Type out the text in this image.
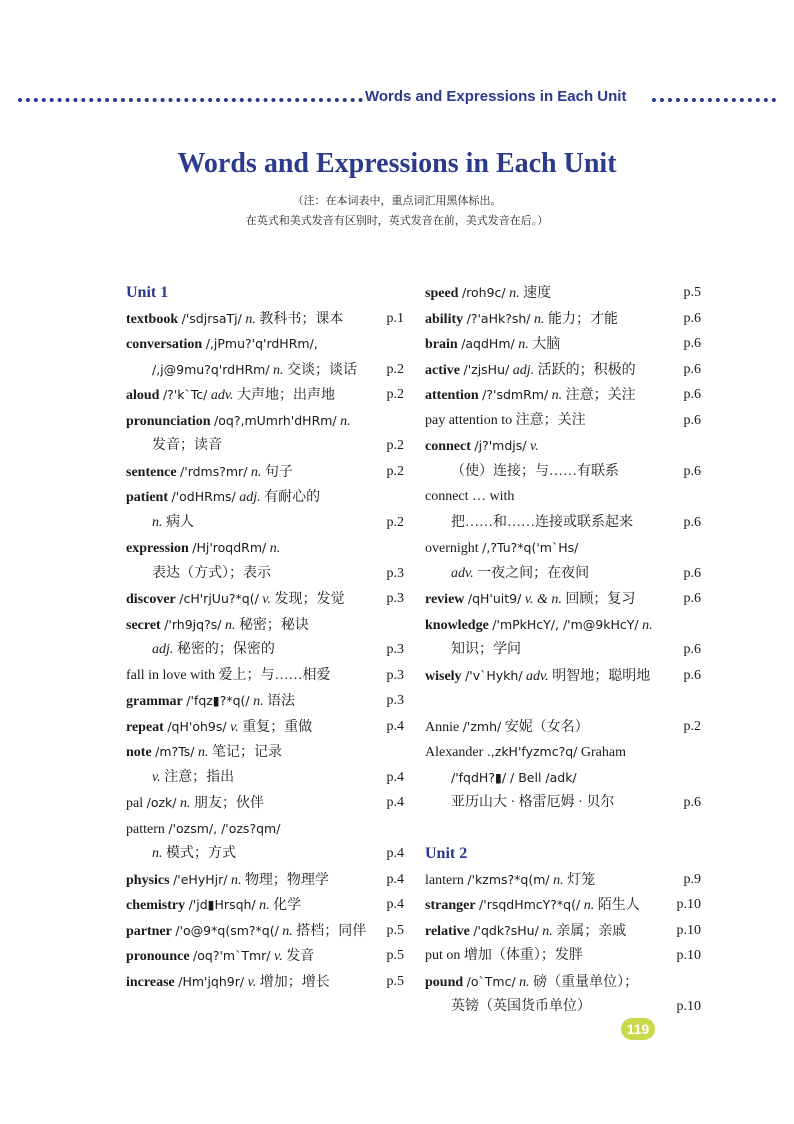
Words and Expressions in Each Unit
Words and Expressions in Each Unit
（注：在本词表中，重点词汇用黑体标出。
在英式和美式发音有区别时，英式发音在前，美式发音在后。）
Unit 1
textbook /'sdjrsaTj/ n. 教科书；课本	p.1
conversation /,jPmu?'q'rdHRm/,
/,j@9mu?q'rdHRm/ n. 交谈；谈话 p.2
aloud /?'k`Tc/ adv. 大声地；出声地	p.2
pronunciation /oq?,mUmrh'dHRm/ n.
发音；读音	p.2
sentence /'rdms?mr/ n. 句子	p.2
patient /'odHRms/ adj. 有耐心的
n. 病人	p.2
expression /Hj'roqdRm/ n.
表达（方式）；表示	p.3
discover /cH'rjUu?*q(/ v. 发现；发觉	p.3
secret /'rh9jq?s/ n. 秘密；秘诀
adj. 秘密的；保密的	p.3
fall in love with 爱上；与……相爱	p.3
grammar /'fqz▮?*q(/ n. 语法	p.3
repeat /qH'oh9s/ v. 重复；重做	p.4
note /m?Ts/ n. 笔记；记录
v. 注意；指出	p.4
pal /ozk/ n. 朋友；伙伴	p.4
pattern /'ozsm/, /'ozs?qm/
n. 模式；方式	p.4
physics /'eHyHjr/ n. 物理；物理学	p.4
chemistry /'jd▮Hrsqh/ n. 化学	p.4
partner /'o@9*q(sm?*q(/ n. 搭档；同伴 p.5
pronounce /oq?'m`Tmr/ v. 发音	p.5
increase /Hm'jqh9r/ v. 增加；增长	p.5
speed /roh9c/ n. 速度	p.5
ability /?'aHk?sh/ n. 能力；才能	p.6
brain /aqdHm/ n. 大脑	p.6
active /'zjsHu/ adj. 活跃的；积极的	p.6
attention /?'sdmRm/ n. 注意；关注	p.6
pay attention to 注意；关注	p.6
connect /j?'mdjs/ v.
（使）连接；与……有联系	p.6
connect … with
把……和……连接或联系起来	p.6
overnight /,?Tu?*q('m`Hs/
adv. 一夜之间；在夜间	p.6
review /qH'uit9/ v. & n. 回顾；复习	p.6
knowledge /'mPkHcY/, /'m@9kHcY/ n.
知识；学问	p.6
wisely /'v`Hykh/ adv. 明智地；聪明地 p.6
Annie /'zmh/ 安妮（女名）	p.2
Alexander .,zkH'fyzmc?q/ Graham
/'fqdH?▮/ / Bell /adk/
亚历山大 · 格雷厄姆 · 贝尔	p.6
Unit 2
lantern /'kzms?*q(m/ n. 灯笼	p.9
stranger /'rsqdHmcY?*q(/ n. 陌生人	p.10
relative /'qdk?sHu/ n. 亲属；亲戚	p.10
put on 增加（体重）；发胖	p.10
pound /o`Tmc/ n. 磅（重量单位）；
英镑（英国货币单位）	p.10
119
